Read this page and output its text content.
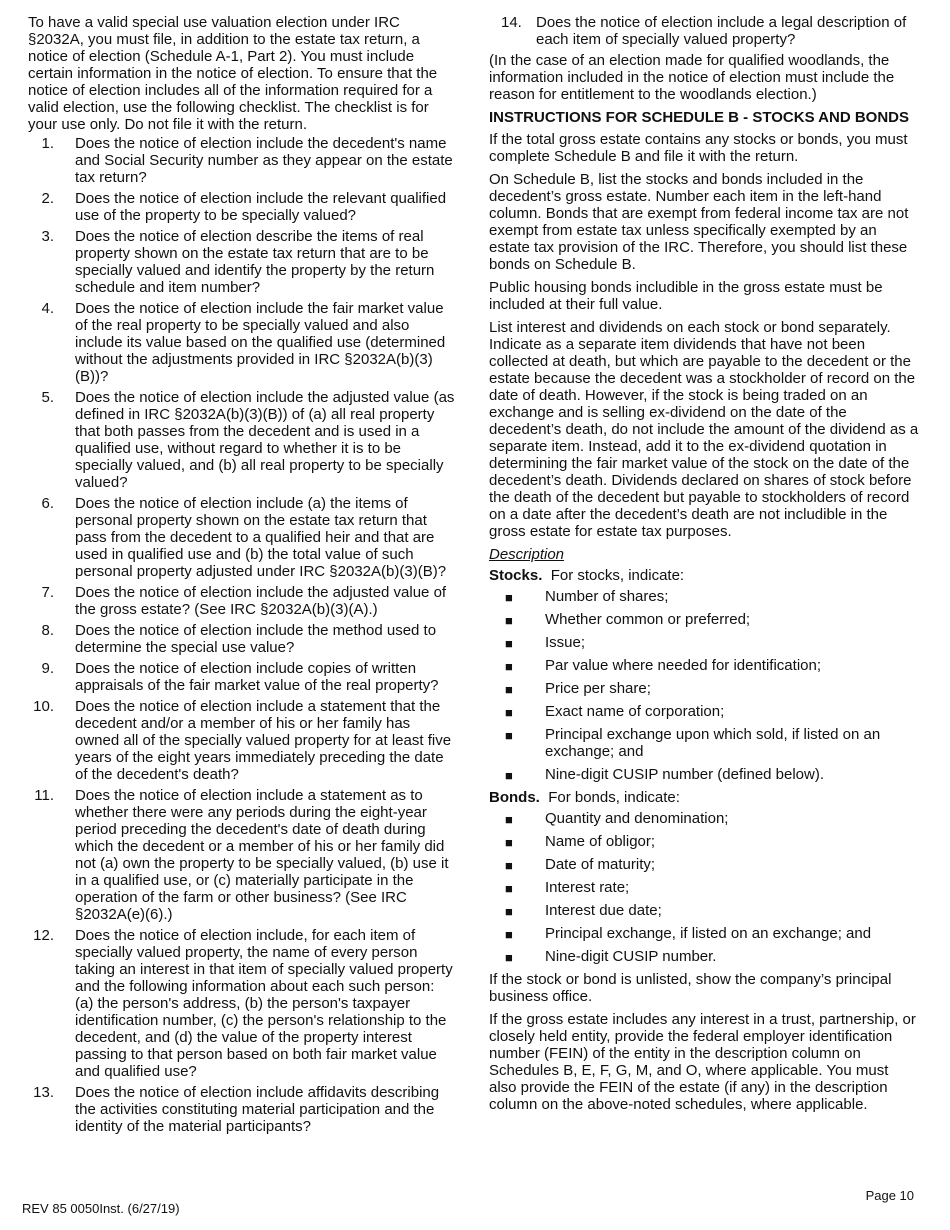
To have a valid special use valuation election under IRC §2032A, you must file, in addition to the estate tax return, a notice of election (Schedule A-1, Part 2). You must include certain information in the notice of election. To ensure that the notice of election includes all of the information required for a valid election, use the following checklist. The checklist is for your use only. Do not file it with the return.

1. Does the notice of election include the decedent's name and Social Security number as they appear on the estate tax return?
2. Does the notice of election include the relevant qualified use of the property to be specially valued?
3. Does the notice of election describe the items of real property shown on the estate tax return that are to be specially valued and identify the property by the return schedule and item number?
4. Does the notice of election include the fair market value of the real property to be specially valued and also include its value based on the qualified use (determined without the adjustments provided in IRC §2032A(b)(3)(B))?
5. Does the notice of election include the adjusted value (as defined in IRC §2032A(b)(3)(B)) of (a) all real property that both passes from the decedent and is used in a qualified use, without regard to whether it is to be specially valued, and (b) all real property to be specially valued?
6. Does the notice of election include (a) the items of personal property shown on the estate tax return that pass from the decedent to a qualified heir and that are used in qualified use and (b) the total value of such personal property adjusted under IRC §2032A(b)(3)(B)?
7. Does the notice of election include the adjusted value of the gross estate? (See IRC §2032A(b)(3)(A).)
8. Does the notice of election include the method used to determine the special use value?
9. Does the notice of election include copies of written appraisals of the fair market value of the real property?
10. Does the notice of election include a statement that the decedent and/or a member of his or her family has owned all of the specially valued property for at least five years of the eight years immediately preceding the date of the decedent's death?
11. Does the notice of election include a statement as to whether there were any periods during the eight-year period preceding the decedent's date of death during which the decedent or a member of his or her family did not (a) own the property to be specially valued, (b) use it in a qualified use, or (c) materially participate in the operation of the farm or other business? (See IRC §2032A(e)(6).)
12. Does the notice of election include, for each item of specially valued property, the name of every person taking an interest in that item of specially valued property and the following information about each such person: (a) the person's address, (b) the person's taxpayer identification number, (c) the person's relationship to the decedent, and (d) the value of the property interest passing to that person based on both fair market value and qualified use?
13. Does the notice of election include affidavits describing the activities constituting material participation and the identity of the material participants?
14. Does the notice of election include a legal description of each item of specially valued property?

(In the case of an election made for qualified woodlands, the information included in the notice of election must include the reason for entitlement to the woodlands election.)

INSTRUCTIONS FOR SCHEDULE B - STOCKS AND BONDS

If the total gross estate contains any stocks or bonds, you must complete Schedule B and file it with the return.

On Schedule B, list the stocks and bonds included in the decedent’s gross estate. Number each item in the left-hand column. Bonds that are exempt from federal income tax are not exempt from estate tax unless specifically exempted by an estate tax provision of the IRC. Therefore, you should list these bonds on Schedule B.

Public housing bonds includible in the gross estate must be included at their full value.

List interest and dividends on each stock or bond separately. Indicate as a separate item dividends that have not been collected at death, but which are payable to the decedent or the estate because the decedent was a stockholder of record on the date of death. However, if the stock is being traded on an exchange and is selling ex-dividend on the date of the decedent’s death, do not include the amount of the dividend as a separate item. Instead, add it to the ex-dividend quotation in determining the fair market value of the stock on the date of the decedent’s death. Dividends declared on shares of stock before the death of the decedent but payable to stockholders of record on a date after the decedent’s death are not includible in the gross estate for estate tax purposes.

Description
Stocks. For stocks, indicate:
■ Number of shares;
■ Whether common or preferred;
■ Issue;
■ Par value where needed for identification;
■ Price per share;
■ Exact name of corporation;
■ Principal exchange upon which sold, if listed on an exchange; and
■ Nine-digit CUSIP number (defined below).
Bonds. For bonds, indicate:
■ Quantity and denomination;
■ Name of obligor;
■ Date of maturity;
■ Interest rate;
■ Interest due date;
■ Principal exchange, if listed on an exchange; and
■ Nine-digit CUSIP number.

If the stock or bond is unlisted, show the company’s principal business office.

If the gross estate includes any interest in a trust, partnership, or closely held entity, provide the federal employer identification number (FEIN) of the entity in the description column on Schedules B, E, F, G, M, and O, where applicable. You must also provide the FEIN of the estate (if any) in the description column on the above-noted schedules, where applicable.

REV 85 0050Inst. (6/27/19)
Page 10
